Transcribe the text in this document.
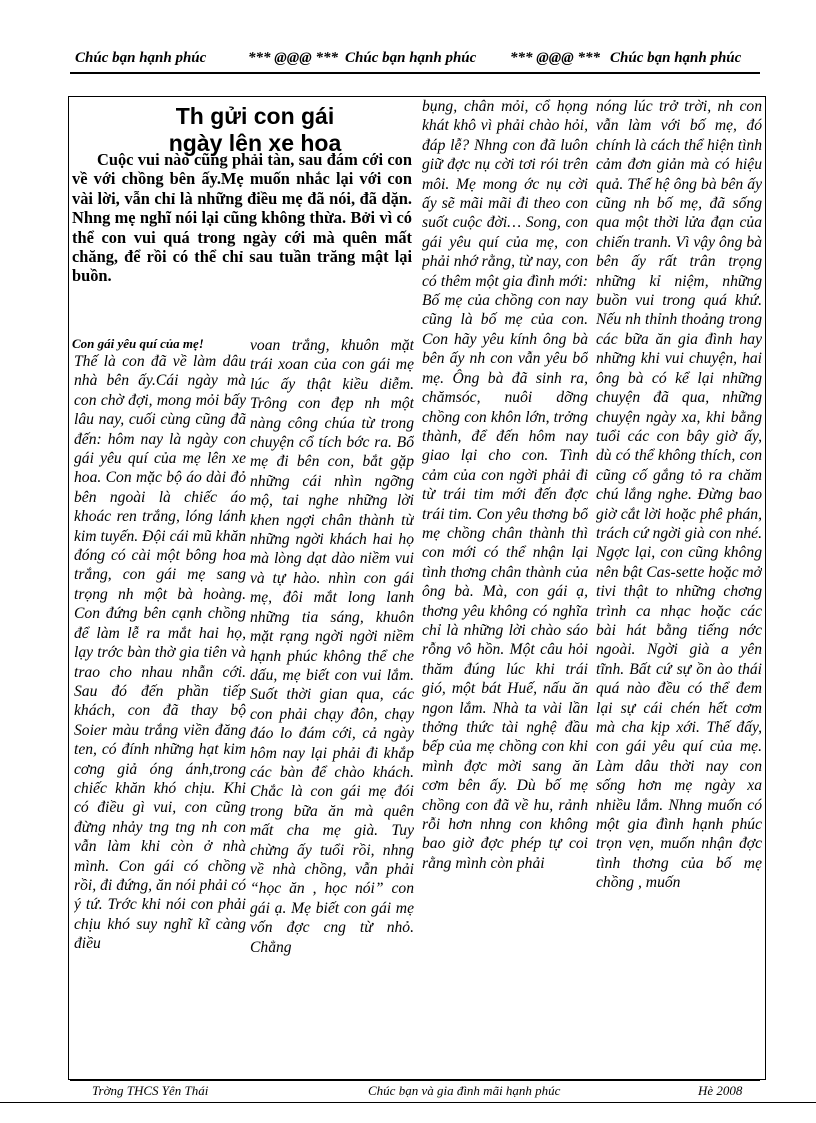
Chúc bạn hạnh phúc	*** @@@ *** Chúc bạn hạnh phúc *** @@@ *** Chúc bạn hạnh phúc
Th gửi con gái
ngày lên xe hoa
Cuộc vui nào cũng phải tàn, sau đám cới con về với chồng bên ấy.Mẹ muốn nhắc lại với con vài lời, vẫn chỉ là những điều mẹ đã nói, đã dặn. Nhng mẹ nghĩ nói lại cũng không thừa. Bởi vì có thể con vui quá trong ngày cới mà quên mất chăng, để rồi có thể chỉ sau tuần trăng mật lại buồn.
Con gái yêu quí của mẹ!
Thế là con đã về làm dâu nhà bên ấy.Cái ngày mà con chờ đợi, mong mỏi bấy lâu nay, cuối cùng cũng đã đến: hôm nay là ngày con gái yêu quí của mẹ lên xe hoa. Con mặc bộ áo dài đỏ bên ngoài là chiếc áo khoác ren trắng, lóng lánh kim tuyến. Đội cái mũ khăn đóng có cài một bông hoa trắng, con gái mẹ sang trọng nh một bà hoàng. Con đứng bên cạnh chồng để làm lễ ra mắt hai họ, lạy trớc bàn thờ gia tiên và trao cho nhau nhẫn cới. Sau đó đến phần tiếp khách, con đã thay bộ Soier màu trắng viền đăng ten, có đính những hạt kim cơng giả óng ánh,trong chiếc khăn khó chịu. Khi có điều gì vui, con cũng đừng nhảy tng tng nh con vẫn làm khi còn ở nhà mình. Con gái có chồng rồi, đi đứng, ăn nói phải có ý tứ. Trớc khi nói con phải chịu khó suy nghĩ kĩ càng điều
voan trắng, khuôn mặt trái xoan của con gái mẹ lúc ấy thật kiều diễm. Trông con đẹp nh một nàng công chúa từ trong chuyện cổ tích bớc ra. Bố mẹ đi bên con, bắt gặp những cái nhìn ngỡng mộ, tai nghe những lời khen ngợi chân thành từ những ngời khách hai họ mà lòng dạt dào niềm vui và tự hào. nhìn con gái mẹ, đôi mắt long lanh những tia sáng, khuôn mặt rạng ngời ngời niềm hạnh phúc không thể che dấu, mẹ biết con vui lắm. Suốt thời gian qua, các con phải chạy đôn, chạy đáo lo đám cới, cả ngày hôm nay lại phải đi khắp các bàn để chào khách. Chắc là con gái mẹ đói trong bữa ăn mà quên mất cha mẹ già. Tuy chừng ấy tuổi rồi, nhng về nhà chồng, vẫn phải “học ăn , học nói” con gái ạ. Mẹ biết con gái mẹ vốn đợc cng từ nhỏ. Chẳng
bụng, chân mỏi, cổ họng khát khô vì phải chào hỏi, đáp lễ? Nhng con đã luôn giữ đợc nụ cời tơi rói trên môi. Mẹ mong ớc nụ cời ấy sẽ mãi mãi đi theo con suốt cuộc đời… Song, con gái yêu quí của mẹ, con phải nhớ rằng, từ nay, con có thêm một gia đình mới: Bố mẹ của chồng con nay cũng là bố mẹ của con. Con hãy yêu kính ông bà bên ấy nh con vẫn yêu bố mẹ. Ông bà đã sinh ra, chămsóc, nuôi dỡng chồng con khôn lớn, trởng thành, để đến hôm nay giao lại cho con. Tình cảm của con ngời phải đi từ trái tim mới đến đợc trái tim. Con yêu thơng bố mẹ chồng chân thành thì con mới có thể nhận lại tình thơng chân thành của ông bà. Mà, con gái ạ, thơng yêu không có nghĩa chỉ là những lời chào sáo rỗng vô hồn. Một câu hỏi thăm đúng lúc khi trái gió, một bát Huế, nấu ăn ngon lắm. Nhà ta vài lần thởng thức tài nghệ đầu bếp của mẹ chồng con khi mình đợc mời sang ăn cơm bên ấy. Dù bố mẹ chồng con đã về hu, rảnh rỗi hơn nhng con không bao giờ đợc phép tự coi rằng mình còn phải
nóng lúc trở trời, nh con vẫn làm với bố mẹ, đó chính là cách thể hiện tình cảm đơn giản mà có hiệu quả. Thế hệ ông bà bên ấy cũng nh bố mẹ, đã sống qua một thời lửa đạn của chiến tranh. Vì vậy ông bà bên ấy rất trân trọng những kỉ niệm, những buồn vui trong quá khứ. Nếu nh thỉnh thoảng trong các bữa ăn gia đình hay những khi vui chuyện, hai ông bà có kể lại những chuyện đã qua, những chuyện ngày xa, khi bằng tuổi các con bây giờ ấy, dù có thể không thích, con cũng cố gắng tỏ ra chăm chú lắng nghe. Đừng bao giờ cắt lời hoặc phê phán, trách cứ ngời già con nhé. Ngợc lại, con cũng không nên bật Cas-sette hoặc mở tivi thật to những chơng trình ca nhạc hoặc các bài hát bằng tiếng nớc ngoài. Ngời già a yên tĩnh. Bất cứ sự ồn ào thái quá nào đều có thể đem lại sự cái chén hết cơm mà cha kịp xới. Thế đấy, con gái yêu quí của mẹ. Làm dâu thời nay con sống hơn mẹ ngày xa nhiều lắm. Nhng muốn có một gia đình hạnh phúc trọn vẹn, muốn nhận đợc tình thơng của bố mẹ chồng , muốn
Trờng THCS Yên Thái	Chúc bạn và gia đình mãi hạnh phúc	Hè 2008
